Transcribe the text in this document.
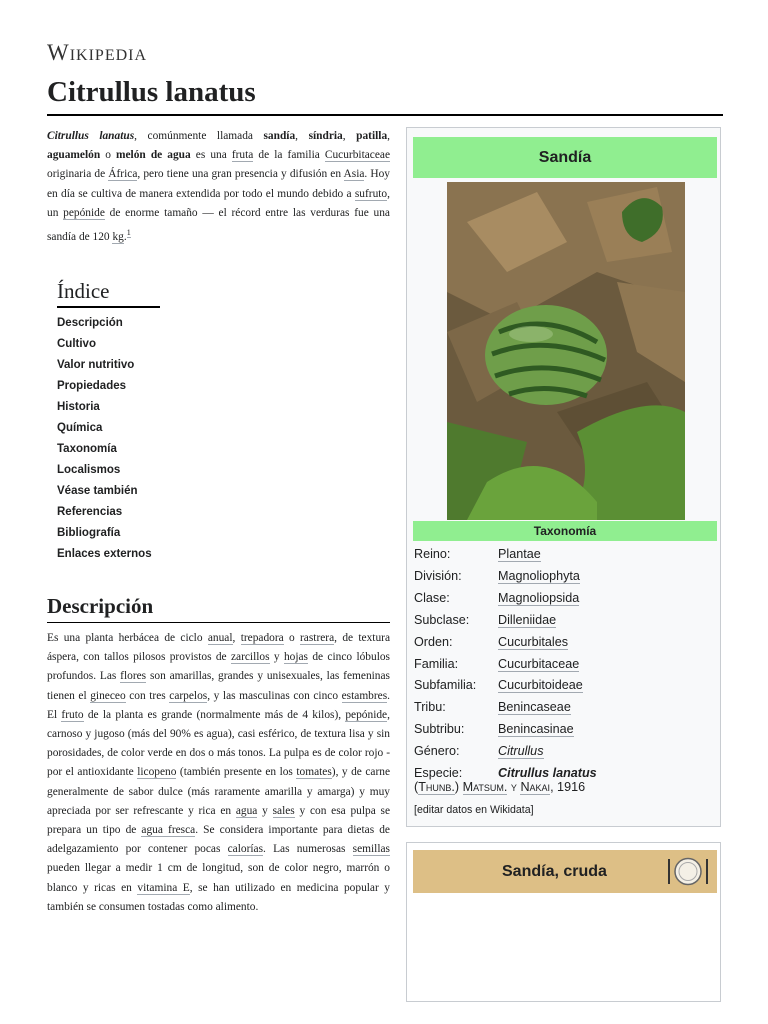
Wikipedia
Citrullus lanatus

Citrullus lanatus, comúnmente llamada sandía, síndria, patilla, aguamelón o melón de agua es una fruta de la familia Cucurbitaceae originaria de África, pero tiene una gran presencia y difusión en Asia. Hoy en día se cultiva de manera extendida por todo el mundo debido a sufruto, un pepónide de enorme tamaño — el récord entre las verduras fue una sandía de 120 kg.$^1$

Índice
Descripción
Cultivo
Valor nutritivo
Propiedades
Historia
Química
Taxonomía
Localismos
Véase también
Referencias
Bibliografía
Enlaces externos
Descripción

Es una planta herbácea de ciclo anual, trepadora o rastrera, de textura áspera, con tallos pilosos provistos de zarcillos y hojas de cinco lóbulos profundos. Las flores son amarillas, grandes y unisexuales, las femeninas tienen el gineceo con tres carpelos, y las masculinas con cinco estambres. El fruto de la planta es grande (normalmente más de 4 kilos), pepónide, carnoso y jugoso (más del 90% es agua), casi esférico, de textura lisa y sin porosidades, de color verde en dos o más tonos. La pulpa es de color rojo - por el antioxidante licopeno (también presente en los tomates), y de carne generalmente de sabor dulce (más raramente amarilla y amarga) y muy apreciada por ser refrescante y rica en agua y sales y con esa pulpa se prepara un tipo de agua fresca. Se considera importante para dietas de adelgazamiento por contener pocas calorías. Las numerosas semillas pueden llegar a medir 1 cm de longitud, son de color negro, marrón o blanco y ricas en vitamina E, se han utilizado en medicina popular y también se consumen tostadas como alimento.

Sandía
Taxonomía
Reino:	Plantae
División:	Magnoliophyta
Clase:	Magnoliopsida
Subclase:	Dilleniidae
Orden:	Cucurbitales
Familia:	Cucurbitaceae
Subfamilia:	Cucurbitoideae
Tribu:	Benincaseae
Subtribu:	Benincasinae
Género:	Citrullus
Especie:	Citrullus lanatus
(Thunb.) Matsum. y Nakai, 1916
[editar datos en Wikidata]
Sandía, cruda
